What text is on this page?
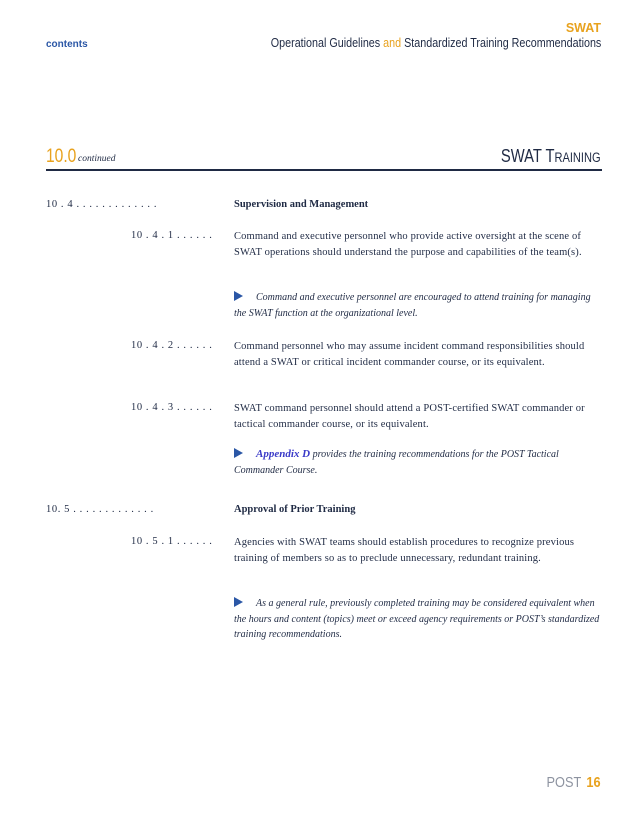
contents
SWAT
Operational Guidelines and Standardized Training Recommendations
10.0 continued	SWAT TRAINING
10 . 4 . . . . . . . . . . . . .	Supervision and Management
10 . 4 . 1 . . . . . . Command and executive personnel who provide active oversight at the scene of SWAT operations should understand the purpose and capabilities of the team(s).
Command and executive personnel are encouraged to attend training for managing the SWAT function at the organizational level.
10 . 4 . 2 . . . . . . Command personnel who may assume incident command responsibilities should attend a SWAT or critical incident commander course, or its equivalent.
10 . 4 . 3 . . . . . . SWAT command personnel should attend a POST-certified SWAT commander or tactical commander course, or its equivalent.
Appendix D provides the training recommendations for the POST Tactical Commander Course.
10. 5 . . . . . . . . . . . . .	Approval of Prior Training
10 . 5 . 1 . . . . . . Agencies with SWAT teams should establish procedures to recognize previous training of members so as to preclude unnecessary, redundant training.
As a general rule, previously completed training may be considered equivalent when the hours and content (topics) meet or exceed agency requirements or POST’s standardized training recommendations.
POST 16
